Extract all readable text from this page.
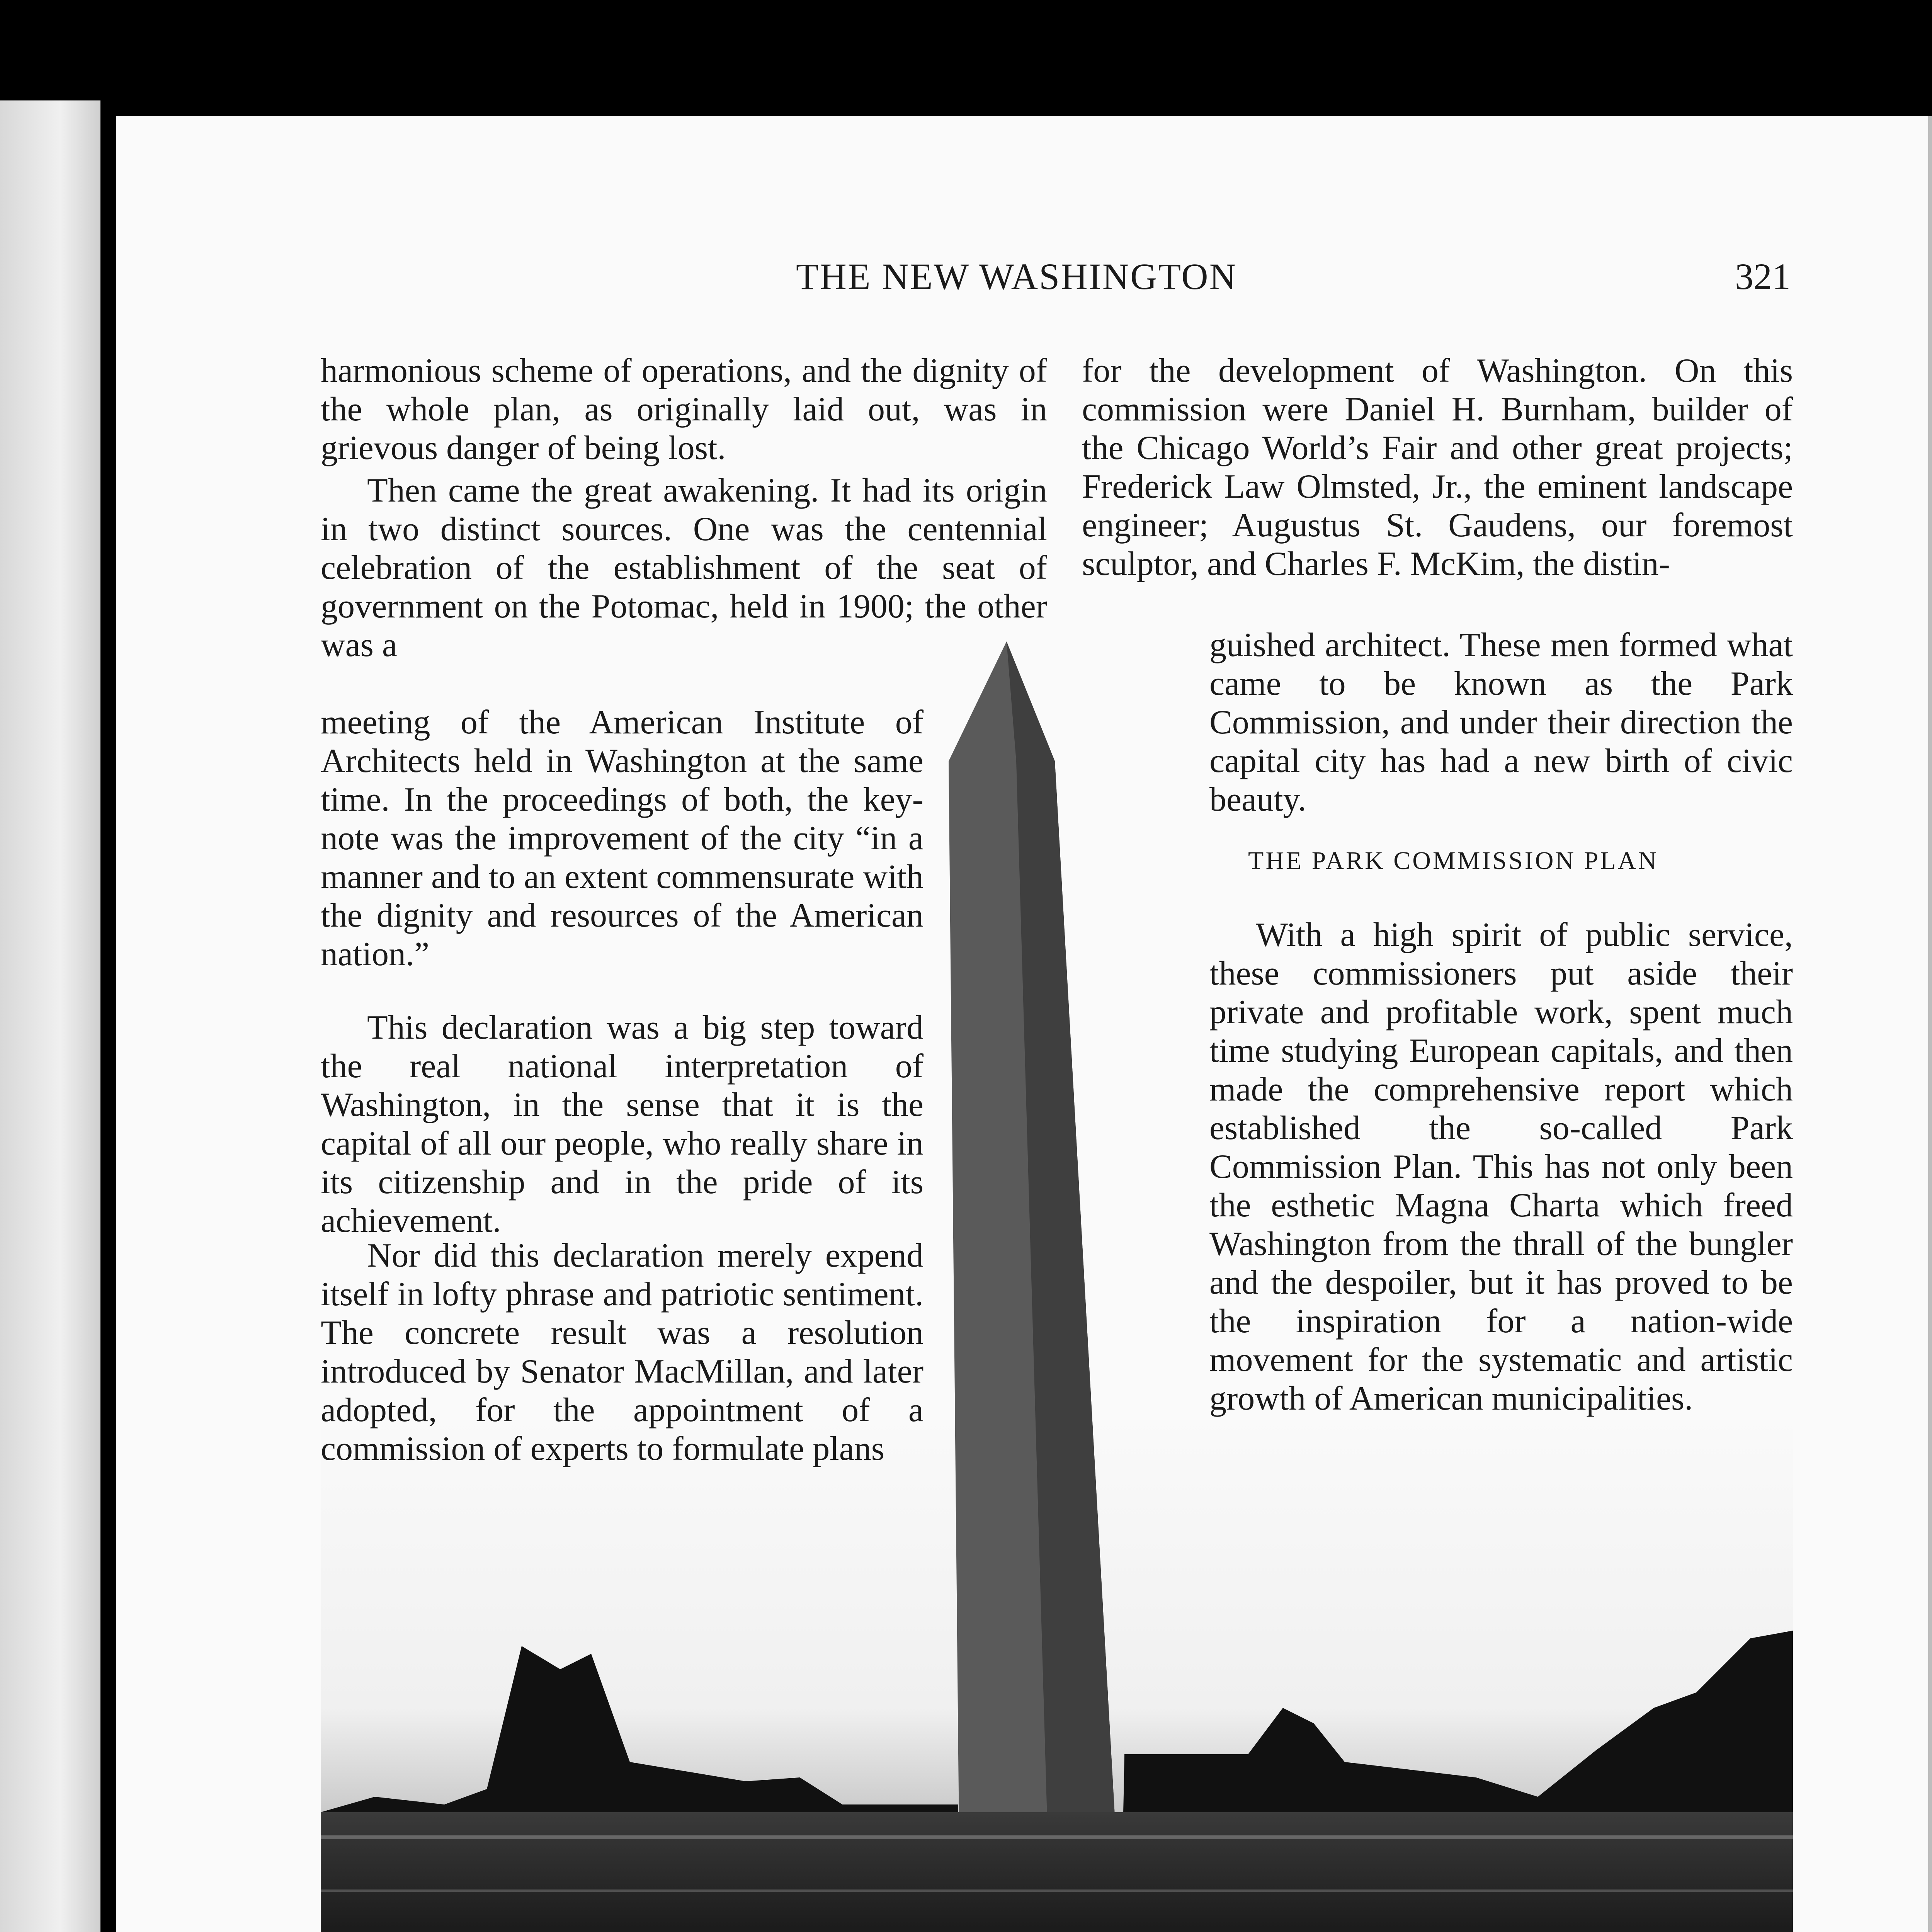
THE NEW WASHINGTON	321

harmonious scheme of operations, and the dignity of the whole plan, as originally laid out, was in grievous danger of being lost.

Then came the great awakening. It had its origin in two distinct sources. One was the centennial celebration of the establishment of the seat of government on the Potomac, held in 1900; the other was a

meeting of the American Institute of Architects held in Washington at the same time. In the proceedings of both, the key-note was the improvement of the city “in a manner and to an extent commensurate with the dignity and resources of the American nation.”

This declaration was a big step toward the real national interpretation of Washington, in the sense that it is the capital of all our people, who really share in its citizenship and in the pride of its achievement.

Nor did this declaration merely expend itself in lofty phrase and patriotic sentiment. The concrete result was a resolution introduced by Senator MacMillan, and later adopted, for the appointment of a commission of experts to formulate plans

for the development of Washington. On this commission were Daniel H. Burnham, builder of the Chicago World’s Fair and other great projects; Frederick Law Olmsted, Jr., the eminent landscape engineer; Augustus St. Gaudens, our foremost sculptor, and Charles F. McKim, the distin-

guished architect. These men formed what came to be known as the Park Commission, and under their direction the capital city has had a new birth of civic beauty.

THE PARK COMMISSION PLAN

With a high spirit of public service, these commissioners put aside their private and profitable work, spent much time studying European capitals, and then made the comprehensive report which established the so-called Park Commission Plan. This has not only been the esthetic Magna Charta which freed Washington from the thrall of the bungler and the despoiler, but it has proved to be the inspiration for a nation-wide movement for the systematic and artistic growth of American municipalities.
